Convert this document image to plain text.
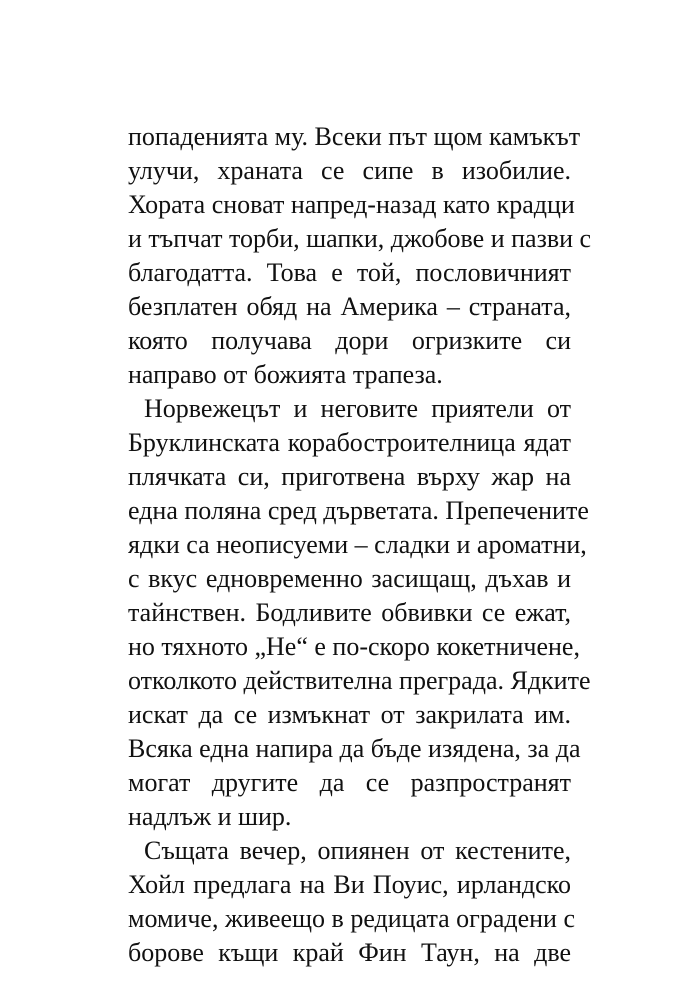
попаденията му. Всеки път щом камъкът
улучи, храната се сипе в изобилие.
Хората сноват напред-назад като крадци
и тъпчат торби, шапки, джобове и пазви с
благодатта. Това е той, пословичният
безплатен обяд на Америка – страната,
която получава дори огризките си
направо от божията трапеза.
Норвежецът и неговите приятели от
Бруклинската корабостроителница ядат
плячката си, приготвена върху жар на
една поляна сред дърветата. Препечените
ядки са неописуеми – сладки и ароматни,
с вкус едновременно засищащ, дъхав и
тайнствен. Бодливите обвивки се ежат,
но тяхното „Не“ е по-скоро кокетничене,
отколкото действителна преграда. Ядките
искат да се измъкнат от закрилата им.
Всяка една напира да бъде изядена, за да
могат другите да се разпространят
надлъж и шир.
Същата вечер, опиянен от кестените,
Хойл предлага на Ви Поуис, ирландско
момиче, живеещо в редицата оградени с
борове къщи край Фин Таун, на две
